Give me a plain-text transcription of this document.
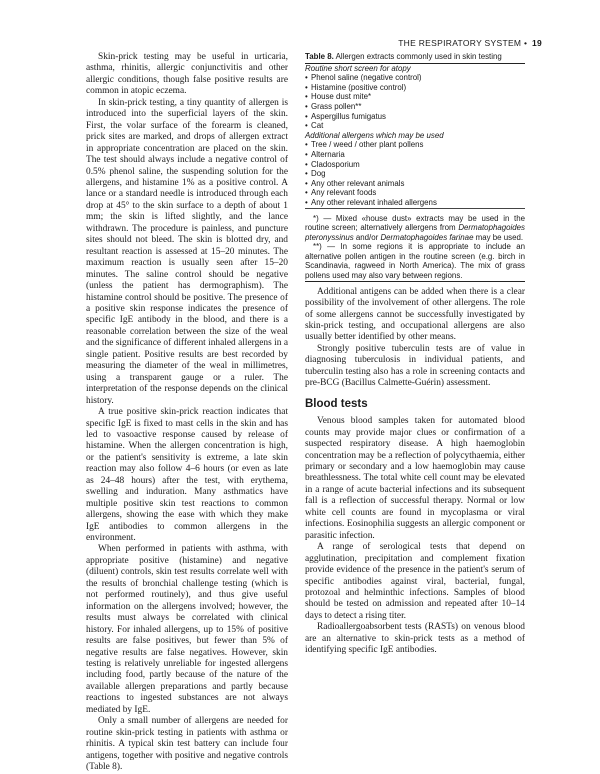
THE RESPIRATORY SYSTEM • 19

Skin-prick testing may be useful in urticaria, asthma, rhinitis, allergic conjunctivitis and other allergic conditions, though false positive results are common in atopic eczema.

In skin-prick testing, a tiny quantity of allergen is introduced into the superficial layers of the skin. First, the volar surface of the forearm is cleaned, prick sites are marked, and drops of allergen extract in appropriate concentration are placed on the skin. The test should always include a negative control of 0.5% phenol saline, the suspending solution for the allergens, and histamine 1% as a positive control. A lance or a standard needle is introduced through each drop at 45° to the skin surface to a depth of about 1 mm; the skin is lifted slightly, and the lance withdrawn. The procedure is painless, and puncture sites should not bleed. The skin is blotted dry, and resultant reaction is assessed at 15–20 minutes. The maximum reaction is usually seen after 15–20 minutes. The saline control should be negative (unless the patient has dermographism). The histamine control should be positive. The presence of a positive skin response indicates the presence of specific IgE antibody in the blood, and there is a reasonable correlation between the size of the weal and the significance of different inhaled allergens in a single patient. Positive results are best recorded by measuring the diameter of the weal in millimetres, using a transparent gauge or a ruler. The interpretation of the response depends on the clinical history.

A true positive skin-prick reaction indicates that specific IgE is fixed to mast cells in the skin and has led to vasoactive response caused by release of histamine. When the allergen concentration is high, or the patient's sensitivity is extreme, a late skin reaction may also follow 4–6 hours (or even as late as 24–48 hours) after the test, with erythema, swelling and induration. Many asthmatics have multiple positive skin test reactions to common allergens, showing the ease with which they make IgE antibodies to common allergens in the environment.

When performed in patients with asthma, with appropriate positive (histamine) and negative (diluent) controls, skin test results correlate well with the results of bronchial challenge testing (which is not performed routinely), and thus give useful information on the allergens involved; however, the results must always be correlated with clinical history. For inhaled allergens, up to 15% of positive results are false positives, but fewer than 5% of negative results are false negatives. However, skin testing is relatively unreliable for ingested allergens including food, partly because of the nature of the available allergen preparations and partly because reactions to ingested substances are not always mediated by IgE.

Only a small number of allergens are needed for routine skin-prick testing in patients with asthma or rhinitis. A typical skin test battery can include four antigens, together with positive and negative controls (Table 8).

Table 8. Allergen extracts commonly used in skin testing
Routine short screen for atopy
• Phenol saline (negative control)
• Histamine (positive control)
• House dust mite*
• Grass pollen**
• Aspergillus fumigatus
• Cat
Additional allergens which may be used
• Tree / weed / other plant pollens
• Alternaria
• Cladosporium
• Dog
• Any other relevant animals
• Any relevant foods
• Any other relevant inhaled allergens

*) — Mixed «house dust» extracts may be used in the routine screen; alternatively allergens from Dermatophagoides pteronyssinus and/or Dermatophagoides farinae may be used.

**) — In some regions it is appropriate to include an alternative pollen antigen in the routine screen (e.g. birch in Scandinavia, ragweed in North America). The mix of grass pollens used may also vary between regions.

Additional antigens can be added when there is a clear possibility of the involvement of other allergens. The role of some allergens cannot be successfully investigated by skin-prick testing, and occupational allergens are also usually better identified by other means.

Strongly positive tuberculin tests are of value in diagnosing tuberculosis in individual patients, and tuberculin testing also has a role in screening contacts and pre-BCG (Bacillus Calmette-Guérin) assessment.

Blood tests

Venous blood samples taken for automated blood counts may provide major clues or confirmation of a suspected respiratory disease. A high haemoglobin concentration may be a reflection of polycythaemia, either primary or secondary and a low haemoglobin may cause breathlessness. The total white cell count may be elevated in a range of acute bacterial infections and its subsequent fall is a reflection of successful therapy. Normal or low white cell counts are found in mycoplasma or viral infections. Eosinophilia suggests an allergic component or parasitic infection.

A range of serological tests that depend on agglutination, precipitation and complement fixation provide evidence of the presence in the patient's serum of specific antibodies against viral, bacterial, fungal, protozoal and helminthic infections. Samples of blood should be tested on admission and repeated after 10–14 days to detect a rising titer.

Radioallergoabsorbent tests (RASTs) on venous blood are an alternative to skin-prick tests as a method of identifying specific IgE antibodies.
